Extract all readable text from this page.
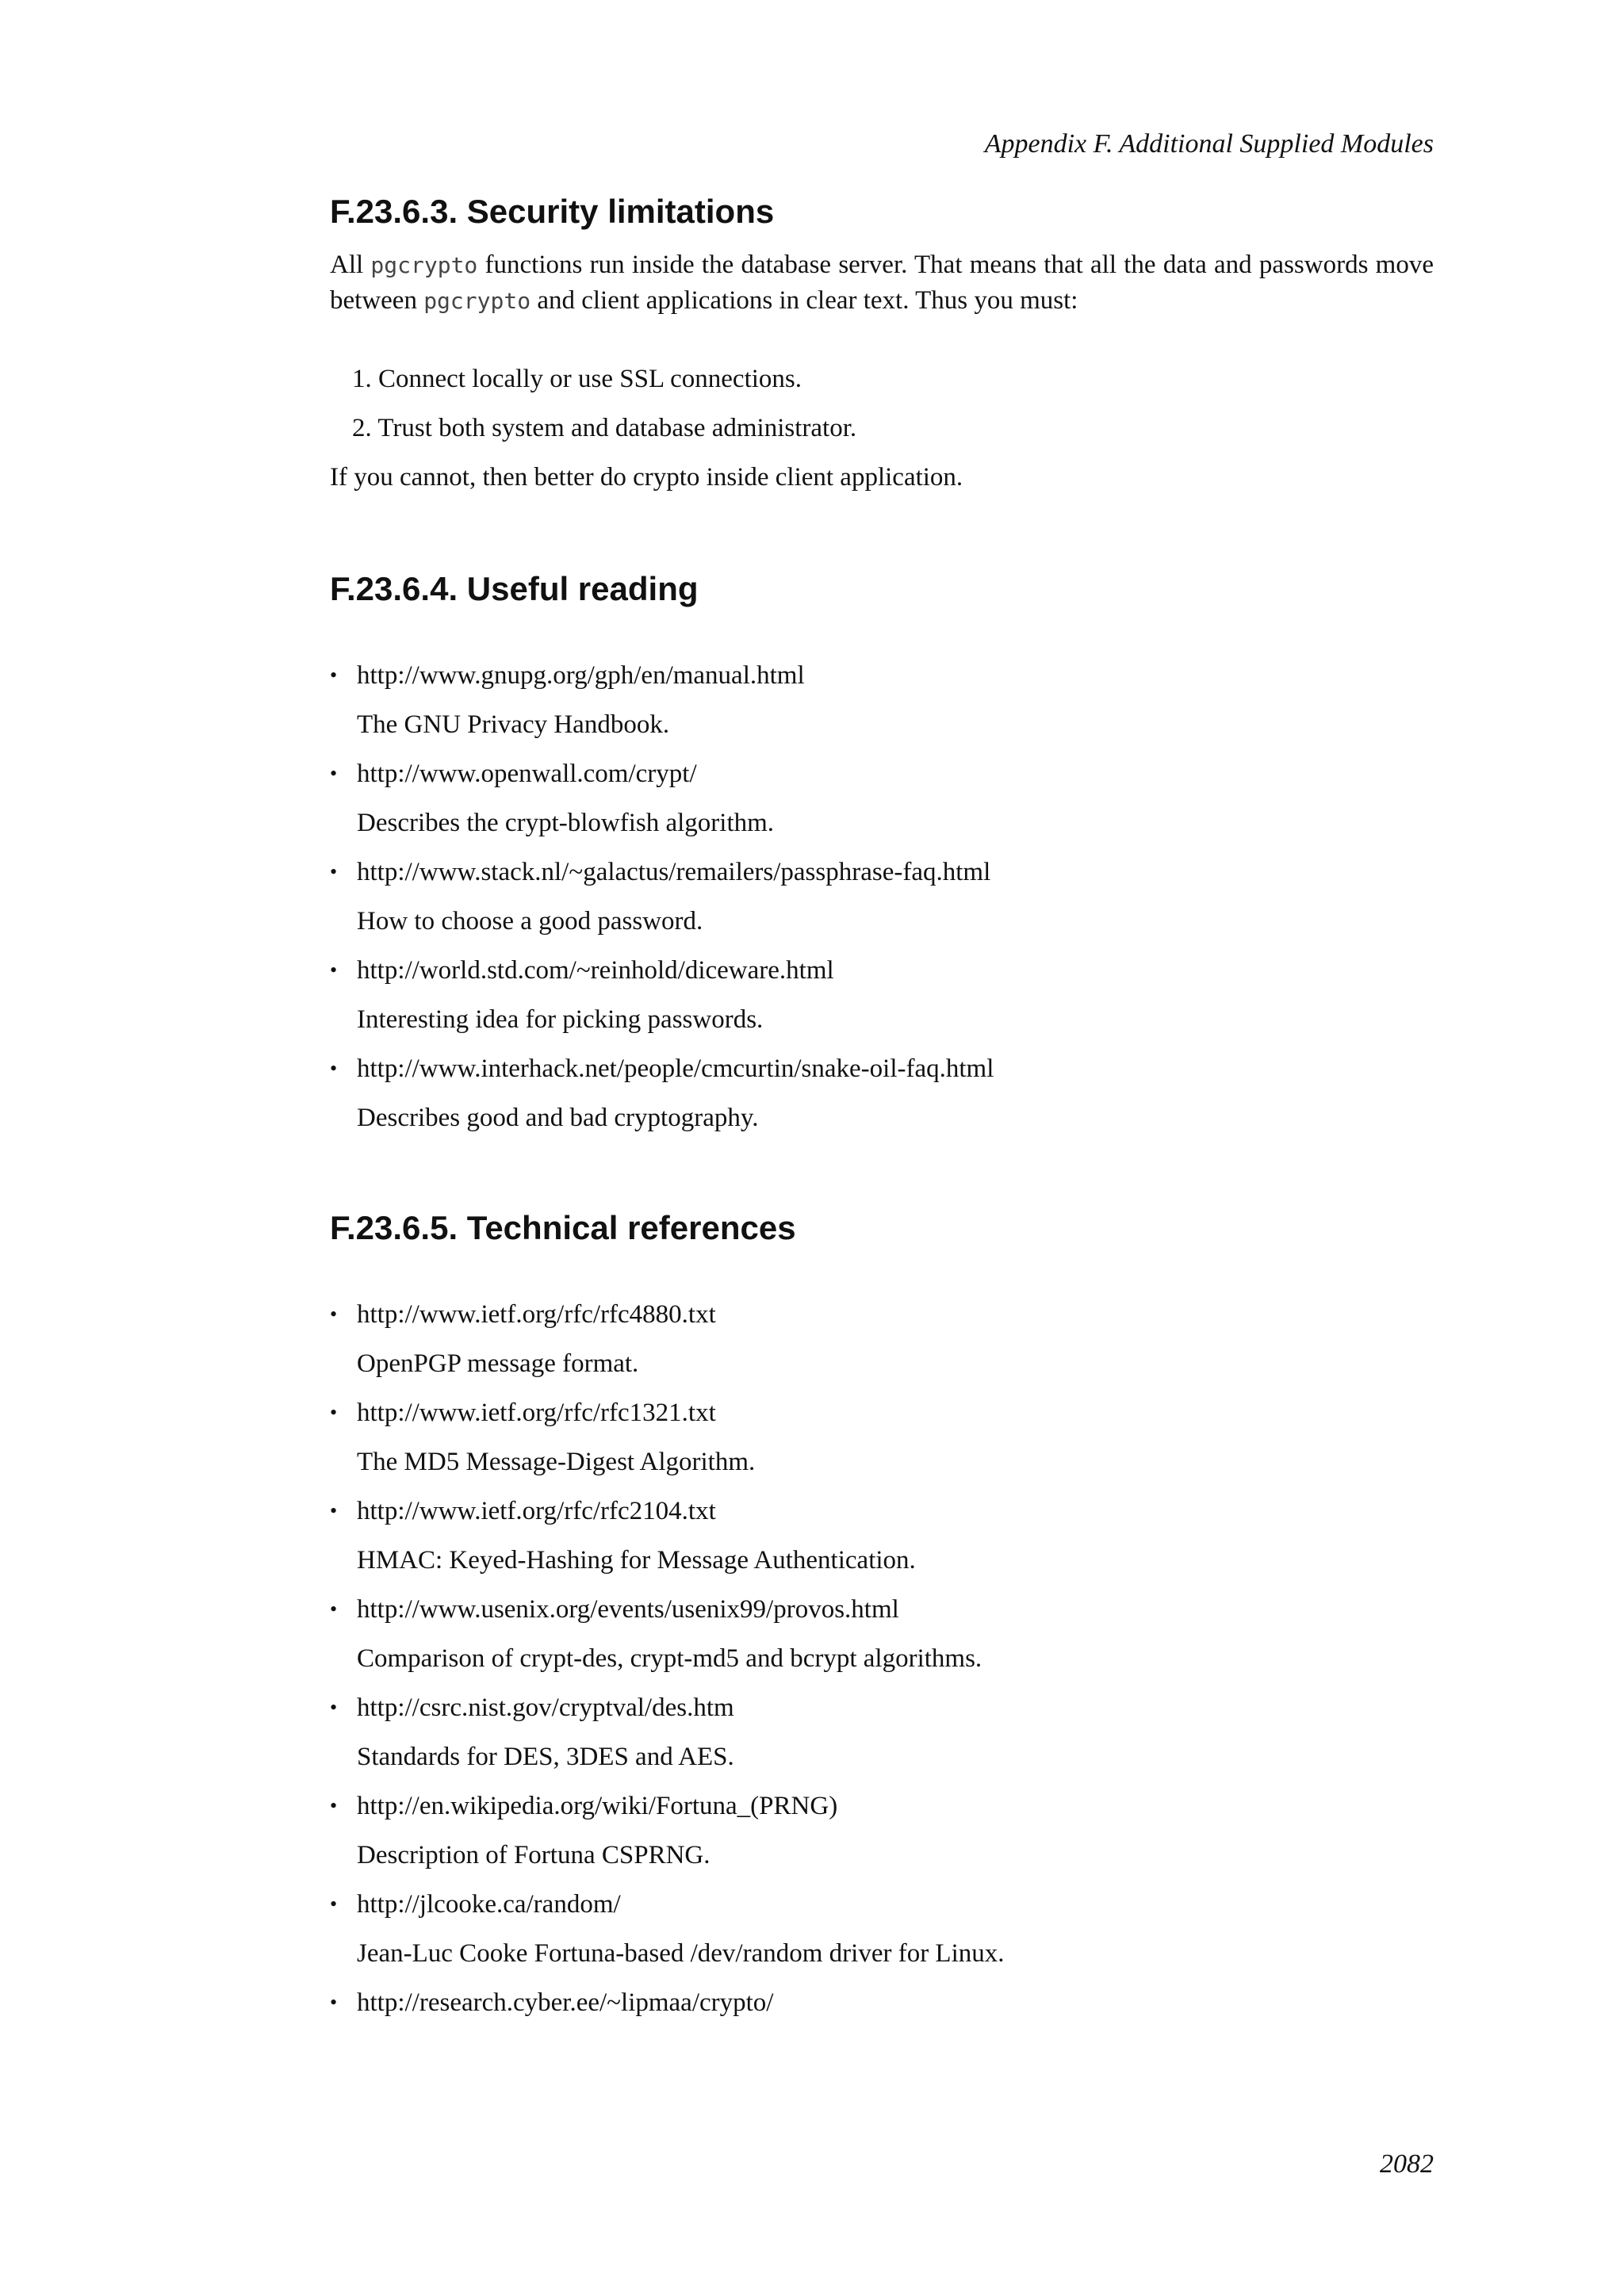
Appendix F. Additional Supplied Modules
F.23.6.3. Security limitations

All pgcrypto functions run inside the database server. That means that all the data and passwords move between pgcrypto and client applications in clear text. Thus you must:

1. Connect locally or use SSL connections.
2. Trust both system and database administrator.

If you cannot, then better do crypto inside client application.

F.23.6.4. Useful reading
• http://www.gnupg.org/gph/en/manual.html
The GNU Privacy Handbook.
• http://www.openwall.com/crypt/
Describes the crypt-blowfish algorithm.
• http://www.stack.nl/~galactus/remailers/passphrase-faq.html
How to choose a good password.
• http://world.std.com/~reinhold/diceware.html
Interesting idea for picking passwords.
• http://www.interhack.net/people/cmcurtin/snake-oil-faq.html
Describes good and bad cryptography.
F.23.6.5. Technical references
• http://www.ietf.org/rfc/rfc4880.txt
OpenPGP message format.
• http://www.ietf.org/rfc/rfc1321.txt
The MD5 Message-Digest Algorithm.
• http://www.ietf.org/rfc/rfc2104.txt
HMAC: Keyed-Hashing for Message Authentication.
• http://www.usenix.org/events/usenix99/provos.html
Comparison of crypt-des, crypt-md5 and bcrypt algorithms.
• http://csrc.nist.gov/cryptval/des.htm
Standards for DES, 3DES and AES.
• http://en.wikipedia.org/wiki/Fortuna_(PRNG)
Description of Fortuna CSPRNG.
• http://jlcooke.ca/random/
Jean-Luc Cooke Fortuna-based /dev/random driver for Linux.
• http://research.cyber.ee/~lipmaa/crypto/
2082
